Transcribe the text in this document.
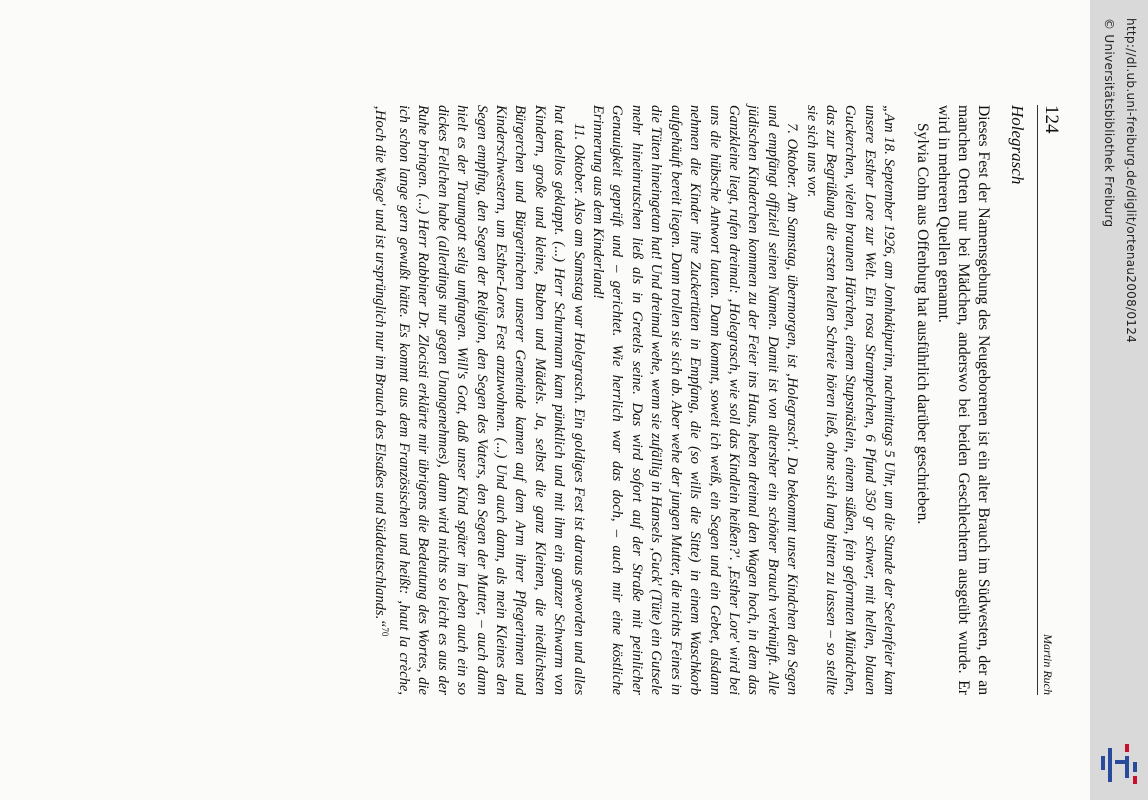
124
Martin Ruch
Holegrasch

Dieses Fest der Namensgebung des Neugeborenen ist ein alter Brauch im Südwesten, der an manchen Orten nur bei Mädchen, anderswo bei beiden Geschlechtern ausgeübt wurde. Er wird in mehreren Quellen genannt.

Sylvia Cohn aus Offenburg hat ausführlich darüber geschrieben.

„Am 18. September 1926, am Jomhakipurim, nachmittags 5 Uhr, um die Stunde der Seelenfeier kam unsere Esther Lore zur Welt. Ein rosa Strampelchen, 6 Pfund 350 gr schwer, mit hellen, blauen Guckerchen, vielen braunen Härchen, einem Stupsnäslein, einem süßen, fein geformten Mündchen, das zur Begrüßung die ersten hellen Schreie hören ließ, ohne sich lang bitten zu lassen – so stellte sie sich uns vor.

7. Oktober. Am Samstag, übermorgen, ist ‚Holegrasch'. Da bekommt unser Kindchen den Segen und empfängt offiziell seinen Namen. Damit ist von altersher ein schöner Brauch verknüpft. Alle jüdischen Kinderchen kommen zu der Feier ins Haus, heben dreimal den Wagen hoch, in dem das Ganzkleine liegt, rufen dreimal: ‚Holegrasch, wie soll das Kindlein heißen?'. ‚Esther Lore' wird bei uns die hübsche Antwort lauten. Dann kommt, soweit ich weiß, ein Segen und ein Gebet, alsdann nehmen die Kinder ihre Zuckertüten in Empfang, die (so wills die Sitte) in einem Waschkorb aufgehäuft bereit liegen. Dann trollen sie sich ab. Aber wehe der jungen Mutter, die nichts Feines in die Tüten hineingetan hat! Und dreimal wehe, wenn sie zufällig in Hansels ‚Guck' (Tüte) ein Gutsele mehr hineinrutschen ließ als in Gretels seine. Das wird sofort auf der Straße mit peinlicher Genauigkeit geprüft und – gerichtet. Wie herrlich war das doch, – auch mir eine köstliche Erinnerung aus dem Kinderland!

11. Oktober. Also am Samstag war Holegrasch. Ein goldiges Fest ist daraus geworden und alles hat tadellos geklappt. (...) Herr Schurmann kam pünktlich und mit ihm ein ganzer Schwarm von Kindern, große und kleine, Buben und Mädels. Ja, selbst die ganz Kleinen, die niedlichsten Bürgerchen und Bürgerinchen unserer Gemeinde kamen auf dem Arm ihrer Pflegerinnen und Kinderschwestern, um Esther-Lores Fest anzuwohnen. (...) Und auch dann, als mein Kleines den Segen empfing, den Segen der Religion, den Segen des Vaters, den Segen der Mutter, – auch dann hielt es der Traumgott selig umfangen. Will's Gott, daß unser Kind später im Leben auch ein so dickes Fellchen habe (allerdings nur gegen Unangenehmes), dann wird nichts so leicht es aus der Ruhe bringen. (...) Herr Rabbiner Dr. Zlocisti erklärte mir übrigens die Bedeutung des Wortes, die ich schon lange gern gewußt hätte. Es kommt aus dem Französischen und heißt: ‚haut la crèche, ‚Hoch die Wiege' und ist ursprünglich nur im Brauch des Elsaßes und Süddeutschlands.“$^{70}$

http://dl.ub.uni-freiburg.de/diglit/ortenau2008/0124
© Universitätsbibliothek Freiburg
